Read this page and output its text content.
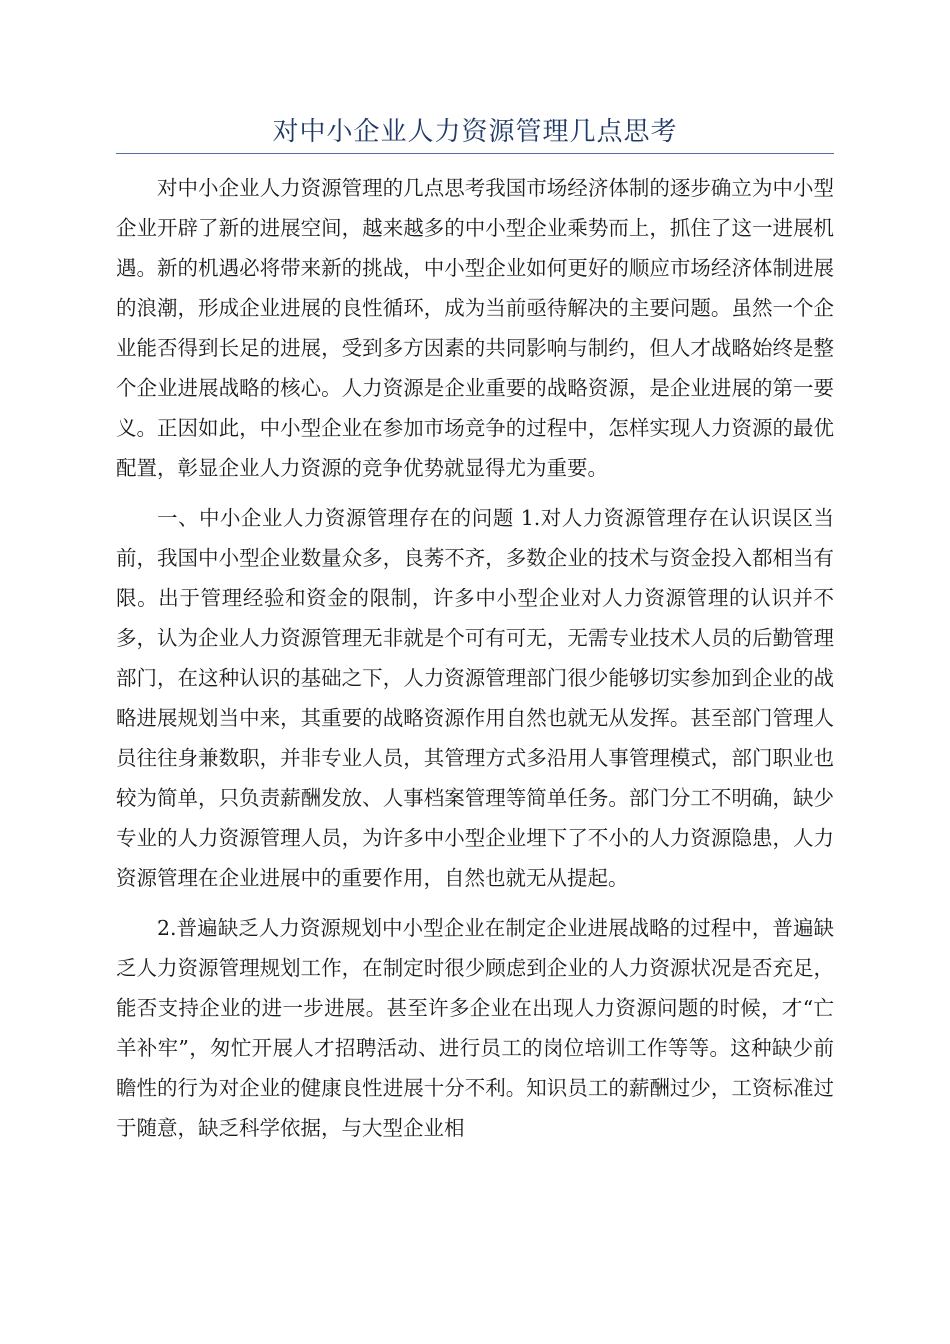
对中小企业人力资源管理几点思考

对中小企业人力资源管理的几点思考我国市场经济体制的逐步确立为中小型企业开辟了新的进展空间，越来越多的中小型企业乘势而上，抓住了这一进展机遇。新的机遇必将带来新的挑战，中小型企业如何更好的顺应市场经济体制进展的浪潮，形成企业进展的良性循环，成为当前亟待解决的主要问题。虽然一个企业能否得到长足的进展，受到多方因素的共同影响与制约，但人才战略始终是整个企业进展战略的核心。人力资源是企业重要的战略资源，是企业进展的第一要义。正因如此，中小型企业在参加市场竞争的过程中，怎样实现人力资源的最优配置，彰显企业人力资源的竞争优势就显得尤为重要。

一、中小企业人力资源管理存在的问题 1.对人力资源管理存在认识误区当前，我国中小型企业数量众多，良莠不齐，多数企业的技术与资金投入都相当有限。出于管理经验和资金的限制，许多中小型企业对人力资源管理的认识并不多，认为企业人力资源管理无非就是个可有可无，无需专业技术人员的后勤管理部门，在这种认识的基础之下，人力资源管理部门很少能够切实参加到企业的战略进展规划当中来，其重要的战略资源作用自然也就无从发挥。甚至部门管理人员往往身兼数职，并非专业人员，其管理方式多沿用人事管理模式，部门职业也较为简单，只负责薪酬发放、人事档案管理等简单任务。部门分工不明确，缺少专业的人力资源管理人员，为许多中小型企业埋下了不小的人力资源隐患，人力资源管理在企业进展中的重要作用，自然也就无从提起。

2.普遍缺乏人力资源规划中小型企业在制定企业进展战略的过程中，普遍缺乏人力资源管理规划工作，在制定时很少顾虑到企业的人力资源状况是否充足，能否支持企业的进一步进展。甚至许多企业在出现人力资源问题的时候，才“亡羊补牢”，匆忙开展人才招聘活动、进行员工的岗位培训工作等等。这种缺少前瞻性的行为对企业的健康良性进展十分不利。知识员工的薪酬过少，工资标准过于随意，缺乏科学依据，与大型企业相
